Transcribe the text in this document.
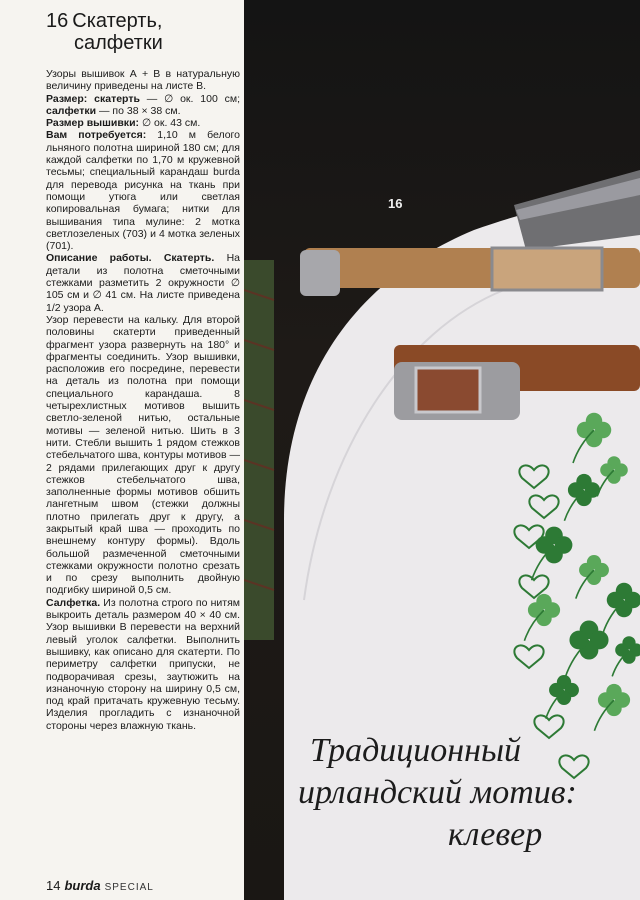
16 Скатерть,
салфетки

Узоры вышивок А + В в натуральную величину приведены на листе В.

Размер: скатерть — ∅ ок. 100 см; салфетки — по 38 × 38 см.

Размер вышивки: ∅ ок. 43 см.

Вам потребуется: 1,10 м белого льняного полотна шириной 180 см; для каждой салфетки по 1,70 м кружевной тесьмы; специальный карандаш burda для перевода рисунка на ткань при помощи утюга или светлая копировальная бумага; нитки для вышивания типа мулине: 2 мотка светлозеленых (703) и 4 мотка зеленых (701).

Описание работы. Скатерть. На детали из полотна сметочными стежками разметить 2 окружности ∅ 105 см и ∅ 41 см. На листе приведена 1/2 узора А.

Узор перевести на кальку. Для второй половины скатерти приведенный фрагмент узора развернуть на 180° и фрагменты соединить. Узор вышивки, расположив его посредине, перевести на деталь из полотна при помощи специального карандаша. 8 четырехлистных мотивов вышить светло-зеленой нитью, остальные мотивы — зеленой нитью. Шить в 3 нити. Стебли вышить 1 рядом стежков стебельчатого шва, контуры мотивов — 2 рядами прилегающих друг к другу стежков стебельчатого шва, заполненные формы мотивов обшить лангетным швом (стежки должны плотно прилегать друг к другу, а закрытый край шва — проходить по внешнему контуру формы). Вдоль большой размеченной сметочными стежками окружности полотно срезать и по срезу выполнить двойную подгибку шириной 0,5 см.

Салфетка. Из полотна строго по нитям выкроить деталь размером 40 × 40 см. Узор вышивки В перевести на верхний левый уголок салфетки. Выполнить вышивку, как описано для скатерти. По периметру салфетки припуски, не подворачивая срезы, заутюжить на изнаночную сторону на ширину 0,5 см, под край притачать кружевную тесьму. Изделия прогладить с изнаночной стороны через влажную ткань.

14 burda SPECIAL
16
Традиционный
ирландский мотив:
клевер
